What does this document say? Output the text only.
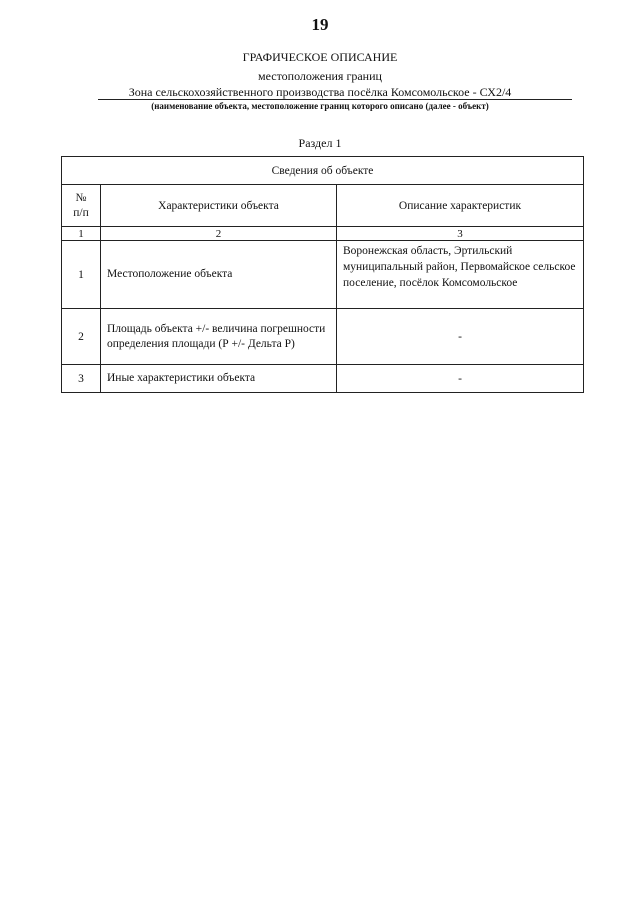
19
ГРАФИЧЕСКОЕ ОПИСАНИЕ
местоположения границ
Зона сельскохозяйственного производства посёлка Комсомольское - СХ2/4
(наименование объекта, местоположение границ которого описано (далее - объект)
Раздел 1
Сведения об объекте		
№
п/п	Характеристики объекта	Описание характеристик
1	2	3
1	Местоположение объекта	Воронежская область, Эртильский муниципальный район, Первомайское сельское поселение, посёлок Комсомольское
2	Площадь объекта +/- величина погрешности определения площади (Р +/- Дельта Р)	-
3	Иные характеристики объекта	-
